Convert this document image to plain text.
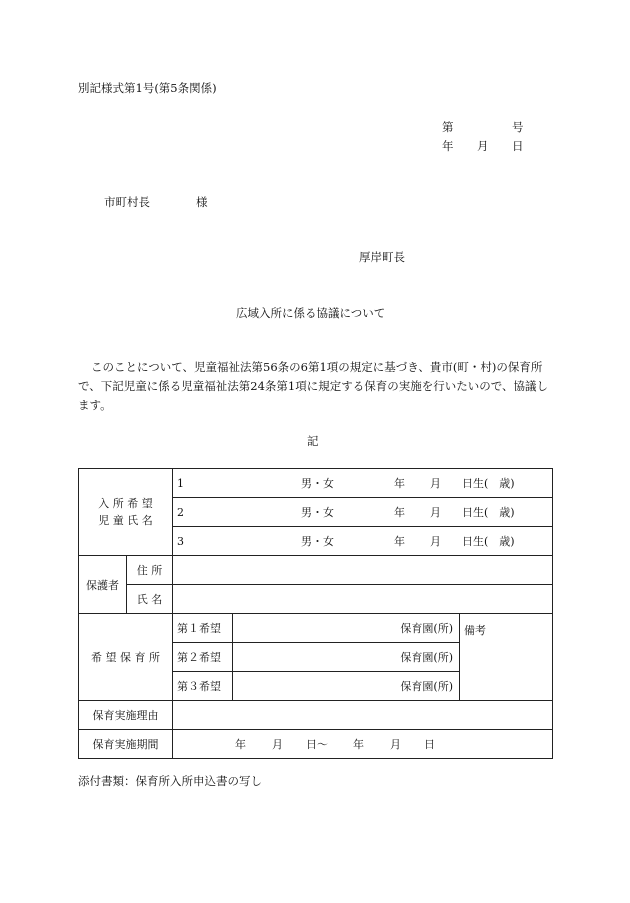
別記様式第1号(第5条関係)
第	号
年 月 日
市町村長	様
厚岸町長
広域入所に係る協議について
このことについて、児童福祉法第56条の6第1項の規定に基づき、貴市(町・村)の保育所
で、下記児童に係る児童福祉法第24条第1項に規定する保育の実施を行いたいので、協議し
ます。
記
入 所 希 望
児 童 氏 名		1 男・女 年 月 日生(　歳)		
		2 男・女 年 月 日生(　歳)		
		3 男・女 年 月 日生(　歳)		
保護者	住 所			
	氏 名			
希 望 保 育 所		第１希望	保育園(所)	備考
		第２希望	保育園(所)	
		第３希望	保育園(所)	
保育実施理由				
保育実施期間		年 月 日〜 年 月 日		
添付書類：保育所入所申込書の写し
